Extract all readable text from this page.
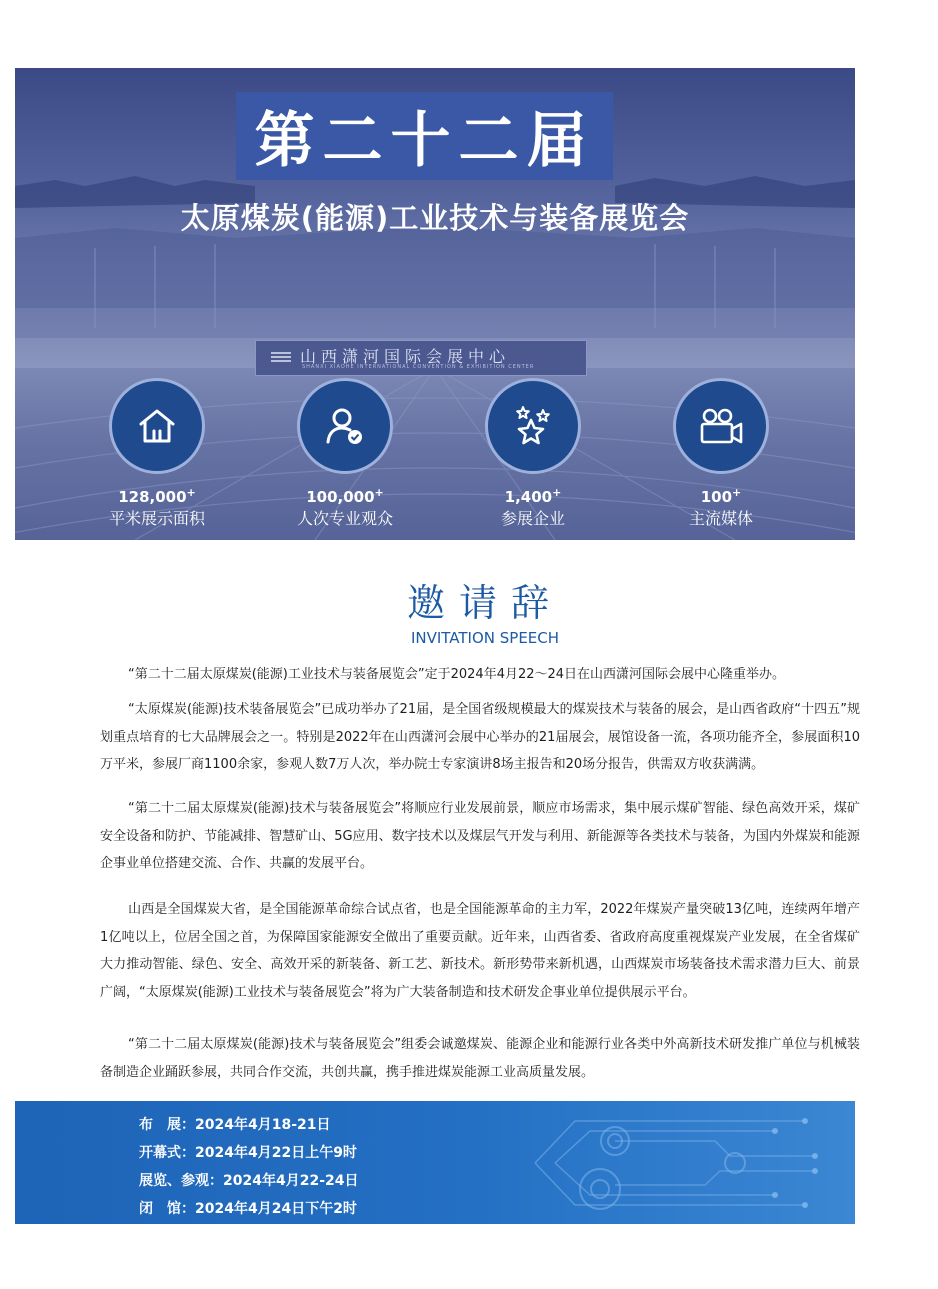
第二十二届
太原煤炭(能源)工业技术与装备展览会
山西潇河国际会展中心
SHANXI XIAOHE INTERNATIONAL CONVENTION & EXHIBITION CENTER
128,000+
平米展示面积
100,000+
人次专业观众
1,400+
参展企业
100+
主流媒体
邀请辞
INVITATION SPEECH

“第二十二届太原煤炭(能源)工业技术与装备展览会”定于2024年4月22～24日在山西潇河国际会展中心隆重举办。

“太原煤炭(能源)技术装备展览会”已成功举办了21届，是全国省级规模最大的煤炭技术与装备的展会，是山西省政府“十四五”规划重点培育的七大品牌展会之一。特别是2022年在山西潇河会展中心举办的21届展会，展馆设备一流，各项功能齐全，参展面积10万平米，参展厂商1100余家，参观人数7万人次，举办院士专家演讲8场主报告和20场分报告，供需双方收获满满。

“第二十二届太原煤炭(能源)技术与装备展览会”将顺应行业发展前景，顺应市场需求，集中展示煤矿智能、绿色高效开采，煤矿安全设备和防护、节能减排、智慧矿山、5G应用、数字技术以及煤层气开发与利用、新能源等各类技术与装备，为国内外煤炭和能源企事业单位搭建交流、合作、共赢的发展平台。

山西是全国煤炭大省，是全国能源革命综合试点省，也是全国能源革命的主力军，2022年煤炭产量突破13亿吨，连续两年增产1亿吨以上，位居全国之首，为保障国家能源安全做出了重要贡献。近年来，山西省委、省政府高度重视煤炭产业发展，在全省煤矿大力推动智能、绿色、安全、高效开采的新装备、新工艺、新技术。新形势带来新机遇，山西煤炭市场装备技术需求潜力巨大、前景广阔，“太原煤炭(能源)工业技术与装备展览会”将为广大装备制造和技术研发企事业单位提供展示平台。

“第二十二届太原煤炭(能源)技术与装备展览会”组委会诚邀煤炭、能源企业和能源行业各类中外高新技术研发推广单位与机械装备制造企业踊跃参展，共同合作交流，共创共赢，携手推进煤炭能源工业高质量发展。

布　展：2024年4月18-21日
开幕式：2024年4月22日上午9时
展览、参观：2024年4月22-24日
闭　馆：2024年4月24日下午2时
